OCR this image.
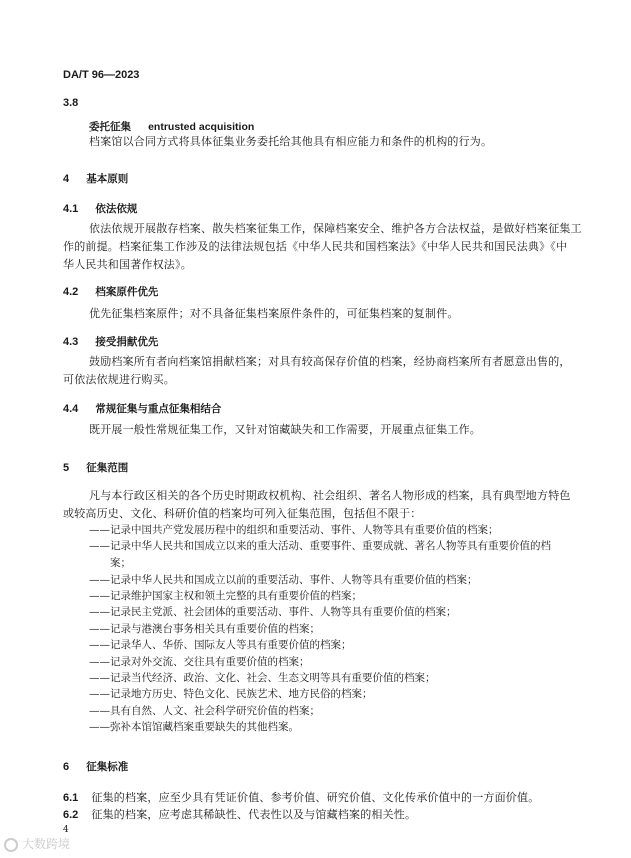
DA/T 96—2023
3.8
委托征集 entrusted acquisition
档案馆以合同方式将具体征集业务委托给其他具有相应能力和条件的机构的行为。
4 基本原则
4.1 依法依规
依法依规开展散存档案、散失档案征集工作，保障档案安全、维护各方合法权益，是做好档案征集工
作的前提。档案征集工作涉及的法律法规包括《中华人民共和国档案法》《中华人民共和国民法典》《中
华人民共和国著作权法》。
4.2 档案原件优先
优先征集档案原件；对不具备征集档案原件条件的，可征集档案的复制件。
4.3 接受捐献优先
鼓励档案所有者向档案馆捐献档案；对具有较高保存价值的档案，经协商档案所有者愿意出售的，
可依法依规进行购买。
4.4 常规征集与重点征集相结合
既开展一般性常规征集工作，又针对馆藏缺失和工作需要，开展重点征集工作。
5 征集范围
凡与本行政区相关的各个历史时期政权机构、社会组织、著名人物形成的档案，具有典型地方特色
或较高历史、文化、科研价值的档案均可列入征集范围，包括但不限于：
——记录中国共产党发展历程中的组织和重要活动、事件、人物等具有重要价值的档案；
——记录中华人民共和国成立以来的重大活动、重要事件、重要成就、著名人物等具有重要价值的档
案；
——记录中华人民共和国成立以前的重要活动、事件、人物等具有重要价值的档案；
——记录维护国家主权和领土完整的具有重要价值的档案；
——记录民主党派、社会团体的重要活动、事件、人物等具有重要价值的档案；
——记录与港澳台事务相关具有重要价值的档案；
——记录华人、华侨、国际友人等具有重要价值的档案；
——记录对外交流、交往具有重要价值的档案；
——记录当代经济、政治、文化、社会、生态文明等具有重要价值的档案；
——记录地方历史、特色文化、民族艺术、地方民俗的档案；
——具有自然、人文、社会科学研究价值的档案；
——弥补本馆馆藏档案重要缺失的其他档案。
6 征集标准
6.1 征集的档案，应至少具有凭证价值、参考价值、研究价值、文化传承价值中的一方面价值。
6.2 征集的档案，应考虑其稀缺性、代表性以及与馆藏档案的相关性。
4
大数跨境
